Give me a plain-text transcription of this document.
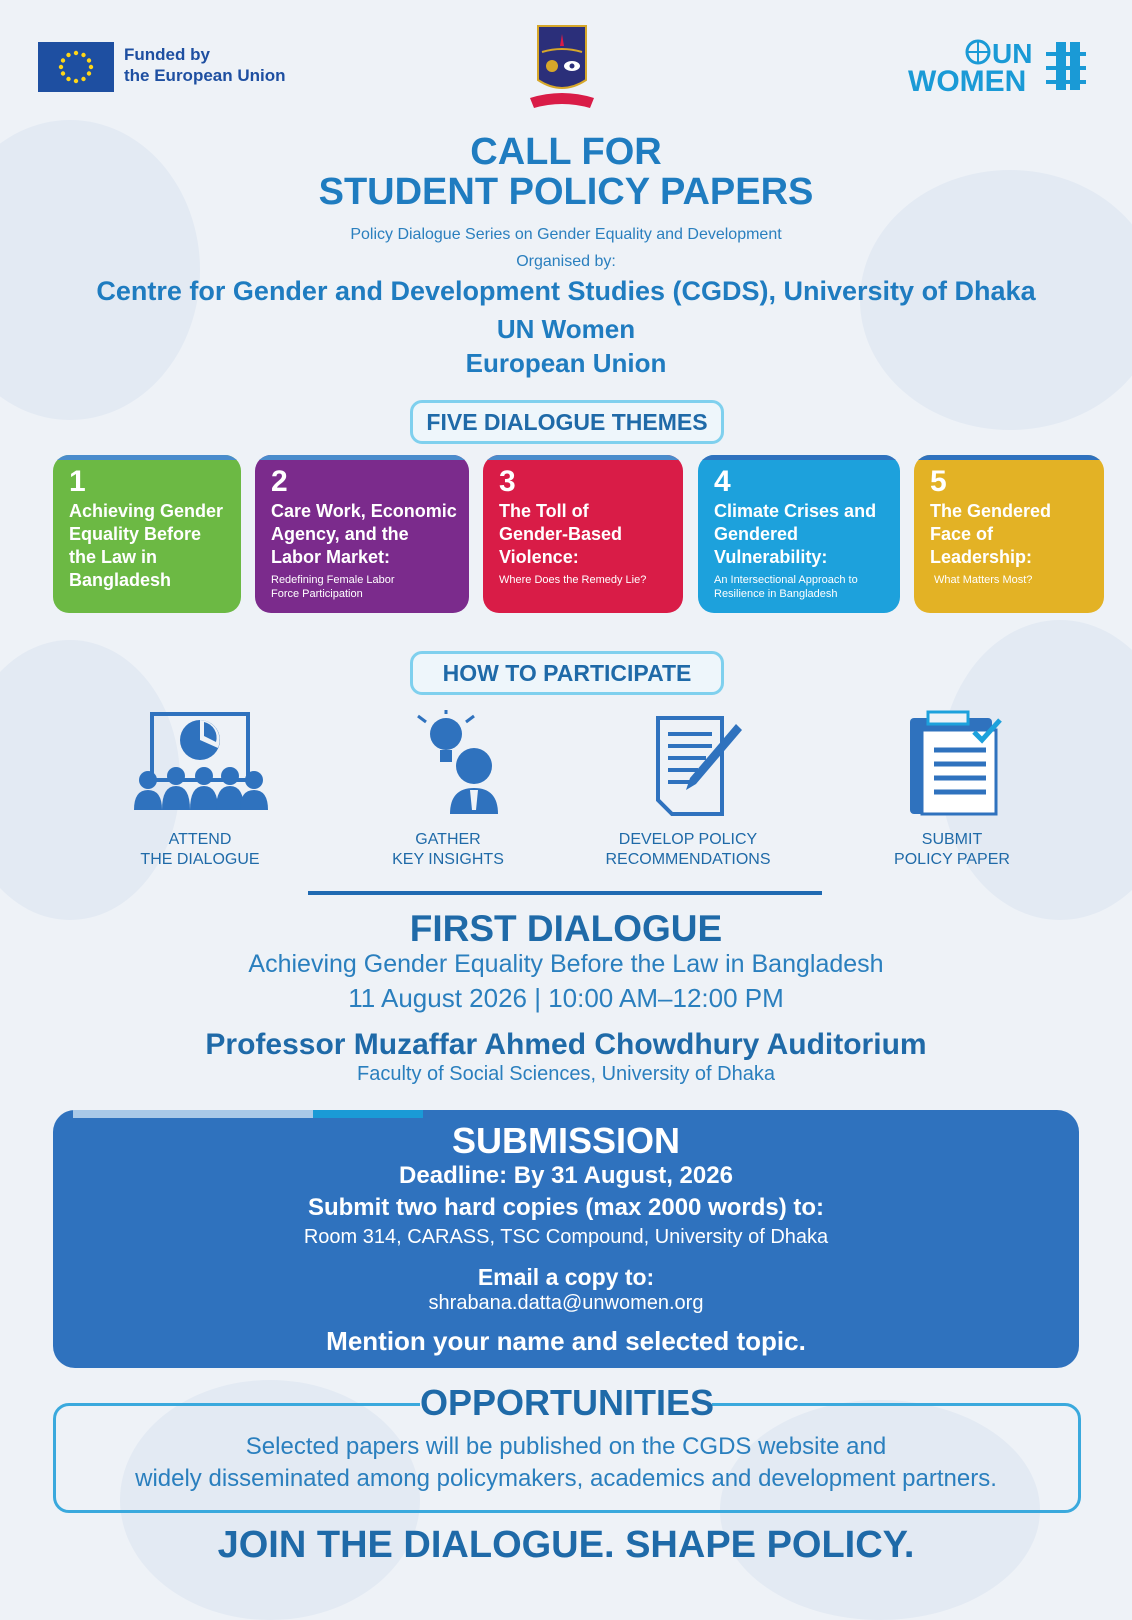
Funded by
the European Union
UN
WOMEN
CALL FOR
STUDENT POLICY PAPERS
Policy Dialogue Series on Gender Equality and Development
Organised by:
Centre for Gender and Development Studies (CGDS), University of Dhaka
UN Women
European Union
FIVE DIALOGUE THEMES
1
Achieving Gender Equality Before the Law in Bangladesh
2
Care Work, Economic Agency, and the Labor Market:
Redefining Female Labor Force Participation
3
The Toll of Gender-Based Violence:
Where Does the Remedy Lie?
4
Climate Crises and Gendered Vulnerability:
An Intersectional Approach to Resilience in Bangladesh
5
The Gendered Face of Leadership:
What Matters Most?
HOW TO PARTICIPATE
ATTEND
THE DIALOGUE
GATHER
KEY INSIGHTS
DEVELOP POLICY
RECOMMENDATIONS
SUBMIT
POLICY PAPER
FIRST DIALOGUE
Achieving Gender Equality Before the Law in Bangladesh
11 August 2026 | 10:00 AM–12:00 PM
Professor Muzaffar Ahmed Chowdhury Auditorium
Faculty of Social Sciences, University of Dhaka
SUBMISSION
Deadline: By 31 August, 2026
Submit two hard copies (max 2000 words) to:
Room 314, CARASS, TSC Compound, University of Dhaka
Email a copy to:
shrabana.datta@unwomen.org
Mention your name and selected topic.
OPPORTUNITIES
Selected papers will be published on the CGDS website and
widely disseminated among policymakers, academics and development partners.
JOIN THE DIALOGUE. SHAPE POLICY.
